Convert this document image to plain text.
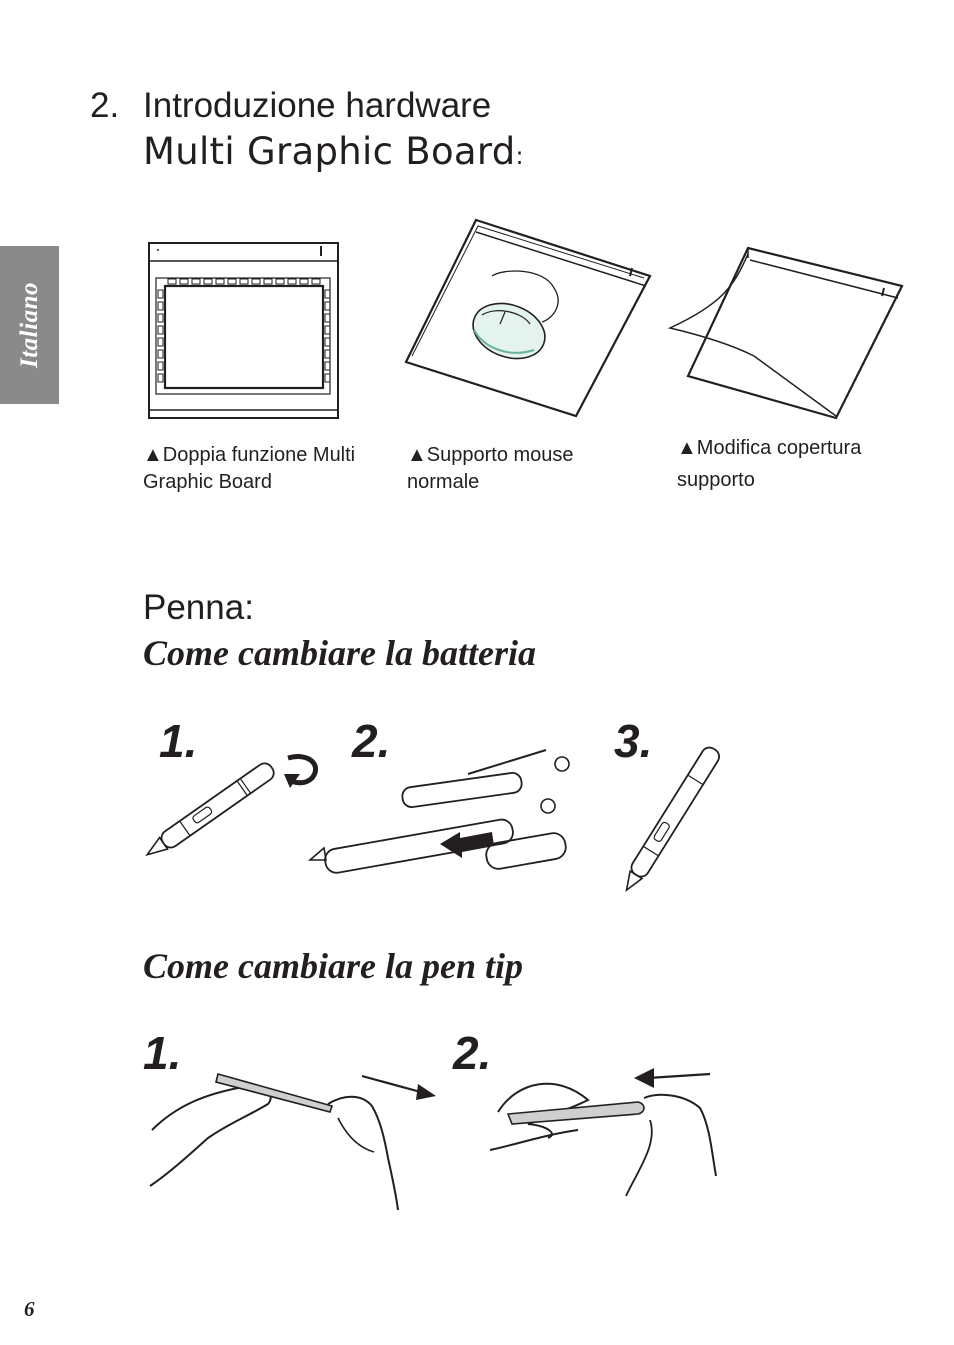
Italiano
2. Introduzione hardware
Multi Graphic Board:
▲Doppia funzione Multi Graphic Board
▲Supporto mouse normale
▲Modifica copertura supporto
Penna:
Come cambiare la batteria
1.	2.	3.
Come cambiare la pen tip
1.	2.
6
